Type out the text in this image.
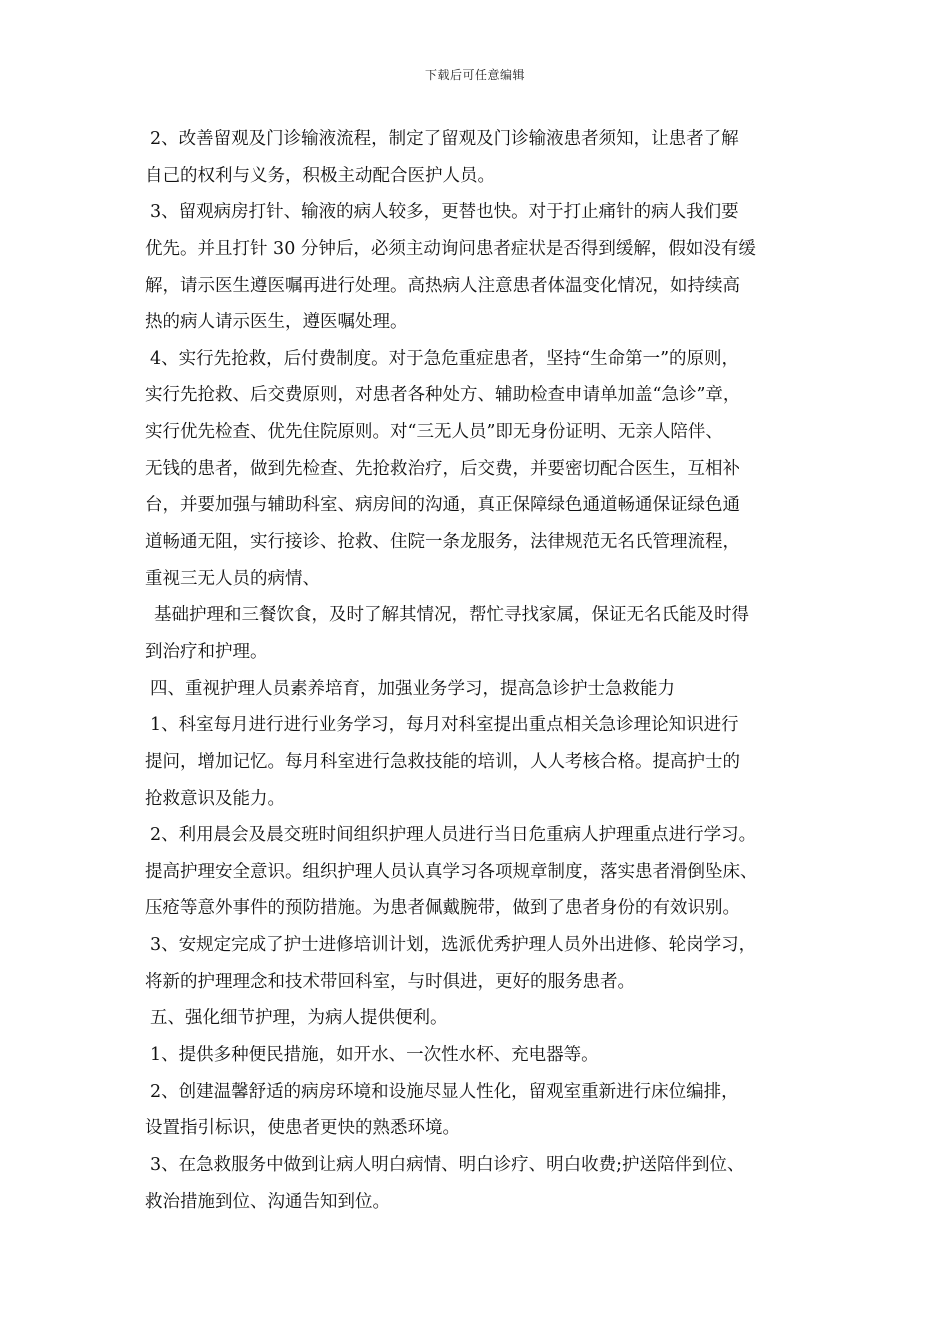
下载后可任意编辑
2、改善留观及门诊输液流程，制定了留观及门诊输液患者须知，让患者了解
自己的权利与义务，积极主动配合医护人员。
3、留观病房打针、输液的病人较多，更替也快。对于打止痛针的病人我们要
优先。并且打针 30 分钟后，必须主动询问患者症状是否得到缓解，假如没有缓
解，请示医生遵医嘱再进行处理。高热病人注意患者体温变化情况，如持续高
热的病人请示医生，遵医嘱处理。
4、实行先抢救，后付费制度。对于急危重症患者，坚持“生命第一”的原则，
实行先抢救、后交费原则，对患者各种处方、辅助检查申请单加盖“急诊”章，
实行优先检查、优先住院原则。对“三无人员”即无身份证明、无亲人陪伴、
无钱的患者，做到先检查、先抢救治疗，后交费，并要密切配合医生，互相补
台，并要加强与辅助科室、病房间的沟通，真正保障绿色通道畅通保证绿色通
道畅通无阻，实行接诊、抢救、住院一条龙服务，法律规范无名氏管理流程，
重视三无人员的病情、
基础护理和三餐饮食，及时了解其情况，帮忙寻找家属，保证无名氏能及时得
到治疗和护理。
四、重视护理人员素养培育，加强业务学习，提高急诊护士急救能力
1、科室每月进行进行业务学习，每月对科室提出重点相关急诊理论知识进行
提问，增加记忆。每月科室进行急救技能的培训，人人考核合格。提高护士的
抢救意识及能力。
2、利用晨会及晨交班时间组织护理人员进行当日危重病人护理重点进行学习。
提高护理安全意识。组织护理人员认真学习各项规章制度，落实患者滑倒坠床、
压疮等意外事件的预防措施。为患者佩戴腕带，做到了患者身份的有效识别。
3、安规定完成了护士进修培训计划，选派优秀护理人员外出进修、轮岗学习，
将新的护理理念和技术带回科室，与时俱进，更好的服务患者。
五、强化细节护理，为病人提供便利。
1、提供多种便民措施，如开水、一次性水杯、充电器等。
2、创建温馨舒适的病房环境和设施尽显人性化，留观室重新进行床位编排，
设置指引标识，使患者更快的熟悉环境。
3、在急救服务中做到让病人明白病情、明白诊疗、明白收费;护送陪伴到位、
救治措施到位、沟通告知到位。
